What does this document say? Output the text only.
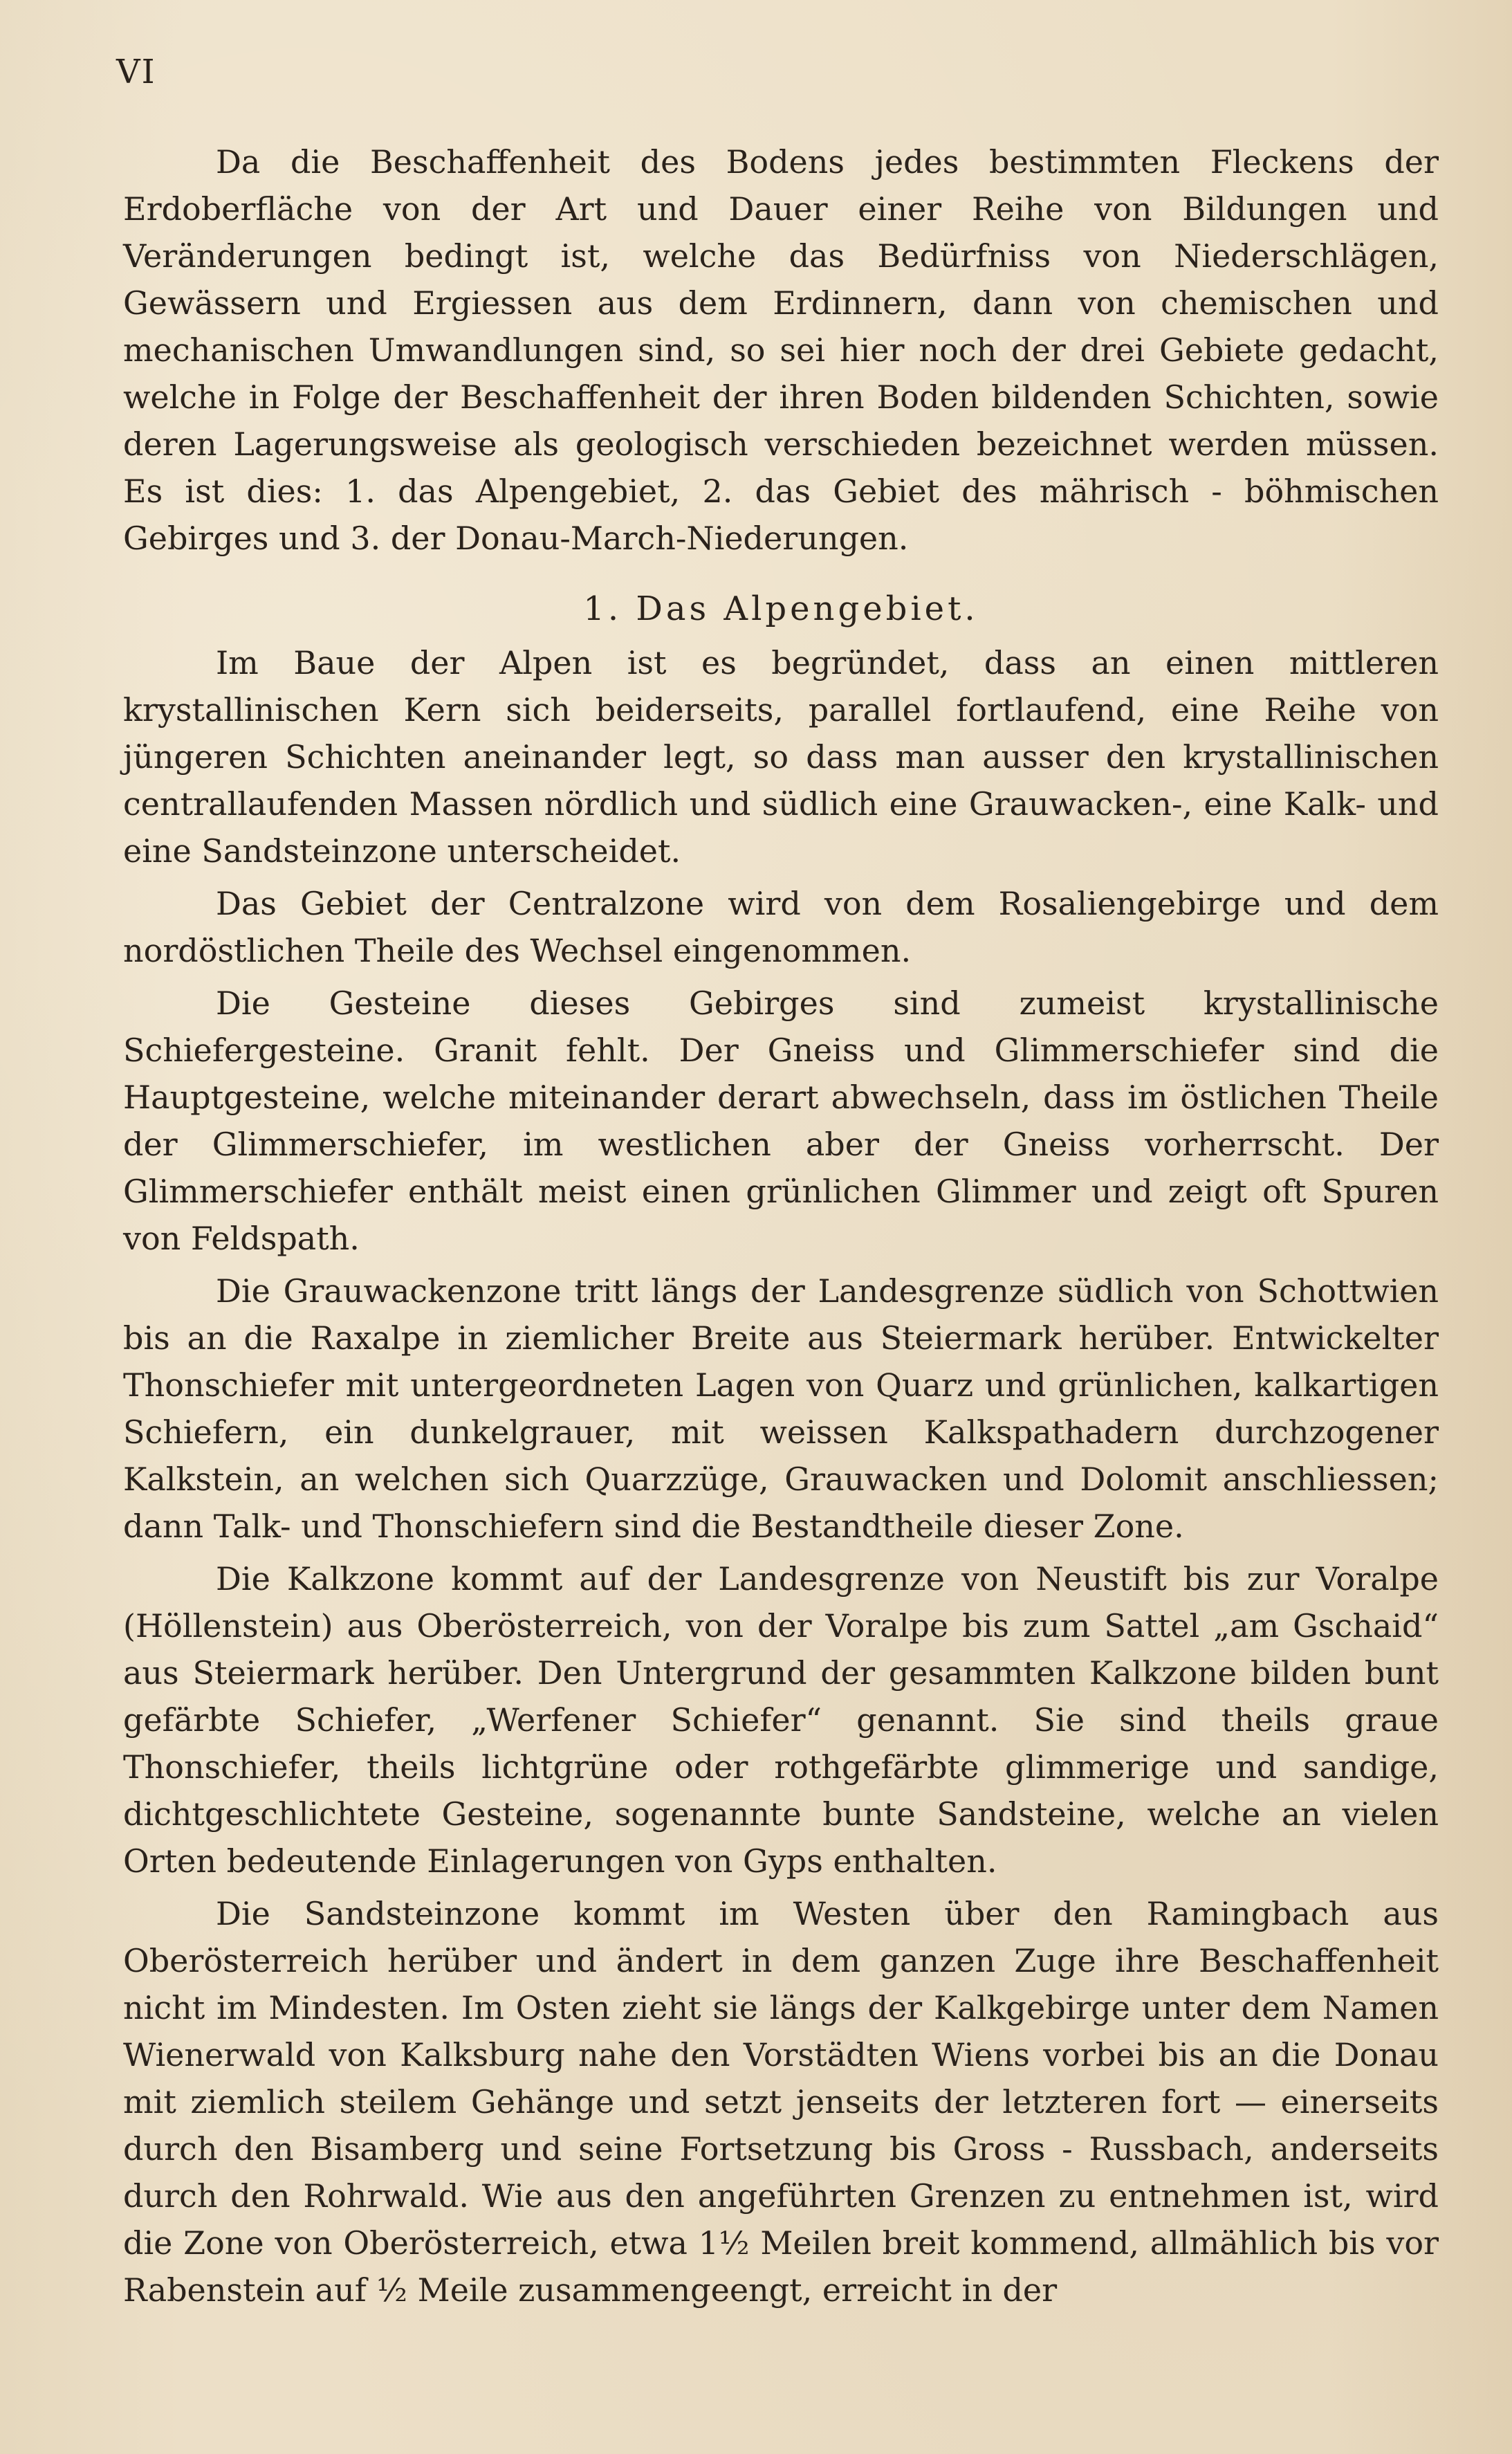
VI

Da die Beschaffenheit des Bodens jedes bestimmten Fleckens der Erdoberfläche von der Art und Dauer einer Reihe von Bildungen und Veränderungen bedingt ist, welche das Bedürfniss von Niederschlägen, Gewässern und Ergiessen aus dem Erdinnern, dann von chemischen und mechanischen Umwandlungen sind, so sei hier noch der drei Gebiete gedacht, welche in Folge der Beschaffenheit der ihren Boden bildenden Schichten, sowie deren Lagerungsweise als geologisch verschieden bezeichnet werden müssen. Es ist dies: 1. das Alpengebiet, 2. das Gebiet des mährisch - böhmischen Gebirges und 3. der Donau-March-Niederungen.

1. Das Alpengebiet.

Im Baue der Alpen ist es begründet, dass an einen mittleren krystallinischen Kern sich beiderseits, parallel fortlaufend, eine Reihe von jüngeren Schichten aneinander legt, so dass man ausser den krystallinischen centrallaufenden Massen nördlich und südlich eine Grauwacken-, eine Kalk- und eine Sandsteinzone unterscheidet.

Das Gebiet der Centralzone wird von dem Rosaliengebirge und dem nordöstlichen Theile des Wechsel eingenommen.

Die Gesteine dieses Gebirges sind zumeist krystallinische Schiefergesteine. Granit fehlt. Der Gneiss und Glimmerschiefer sind die Hauptgesteine, welche miteinander derart abwechseln, dass im östlichen Theile der Glimmerschiefer, im westlichen aber der Gneiss vorherrscht. Der Glimmerschiefer enthält meist einen grünlichen Glimmer und zeigt oft Spuren von Feldspath.

Die Grauwackenzone tritt längs der Landesgrenze südlich von Schottwien bis an die Raxalpe in ziemlicher Breite aus Steiermark herüber. Entwickelter Thonschiefer mit untergeordneten Lagen von Quarz und grünlichen, kalkartigen Schiefern, ein dunkelgrauer, mit weissen Kalkspathadern durchzogener Kalkstein, an welchen sich Quarzzüge, Grauwacken und Dolomit anschliessen; dann Talk- und Thonschiefern sind die Bestandtheile dieser Zone.

Die Kalkzone kommt auf der Landesgrenze von Neustift bis zur Voralpe (Höllenstein) aus Oberösterreich, von der Voralpe bis zum Sattel „am Gschaid“ aus Steiermark herüber. Den Untergrund der gesammten Kalkzone bilden bunt gefärbte Schiefer, „Werfener Schiefer“ genannt. Sie sind theils graue Thonschiefer, theils lichtgrüne oder rothgefärbte glimmerige und sandige, dichtgeschlichtete Gesteine, sogenannte bunte Sandsteine, welche an vielen Orten bedeutende Einlagerungen von Gyps enthalten.

Die Sandsteinzone kommt im Westen über den Ramingbach aus Oberösterreich herüber und ändert in dem ganzen Zuge ihre Beschaffenheit nicht im Mindesten. Im Osten zieht sie längs der Kalkgebirge unter dem Namen Wienerwald von Kalksburg nahe den Vorstädten Wiens vorbei bis an die Donau mit ziemlich steilem Gehänge und setzt jenseits der letzteren fort — einerseits durch den Bisamberg und seine Fortsetzung bis Gross - Russbach, anderseits durch den Rohrwald. Wie aus den angeführten Grenzen zu entnehmen ist, wird die Zone von Oberösterreich, etwa 1½ Meilen breit kommend, allmählich bis vor Rabenstein auf ½ Meile zusammengeengt, erreicht in der
